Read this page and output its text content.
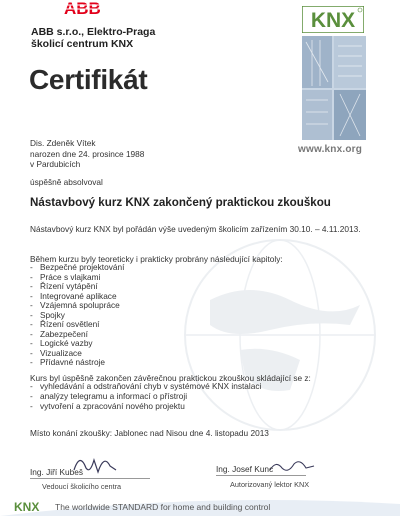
ABB
ABB s.r.o., Elektro-Praga
školicí centrum KNX
KNX
www.knx.org
Certifikát
Dis. Zdeněk Vítek
narozen dne 24. prosince 1988
v Pardubicích
úspěšně absolvoval
Nástavbový kurz KNX zakončený praktickou zkouškou
Nástavbový kurz KNX byl pořádán výše uvedeným školicím zařízením 30.10. – 4.11.2013.
Během kurzu byly teoreticky i prakticky probrány následující kapitoly:
- Bezpečné projektování
- Práce s vlajkami
- Řízení vytápění
- Integrované aplikace
- Vzájemná spolupráce
- Spojky
- Řízení osvětlení
- Zabezpečení
- Logické vazby
- Vizualizace
- Přídavné nástroje
Kurs byl úspěšně zakončen závěrečnou praktickou zkouškou skládající se z:
- vyhledávání a odstraňování chyb v systémové KNX instalaci
- analýzy telegramu a informací o přístroji
- vytvoření a zpracování nového projektu
Místo konání zkoušky: Jablonec nad Nisou dne 4. listopadu 2013
Ing. Jiří Kubeš
Vedoucí školicího centra
Ing. Josef Kunc
Autorizovaný lektor KNX
KNX The worldwide STANDARD for home and building control
